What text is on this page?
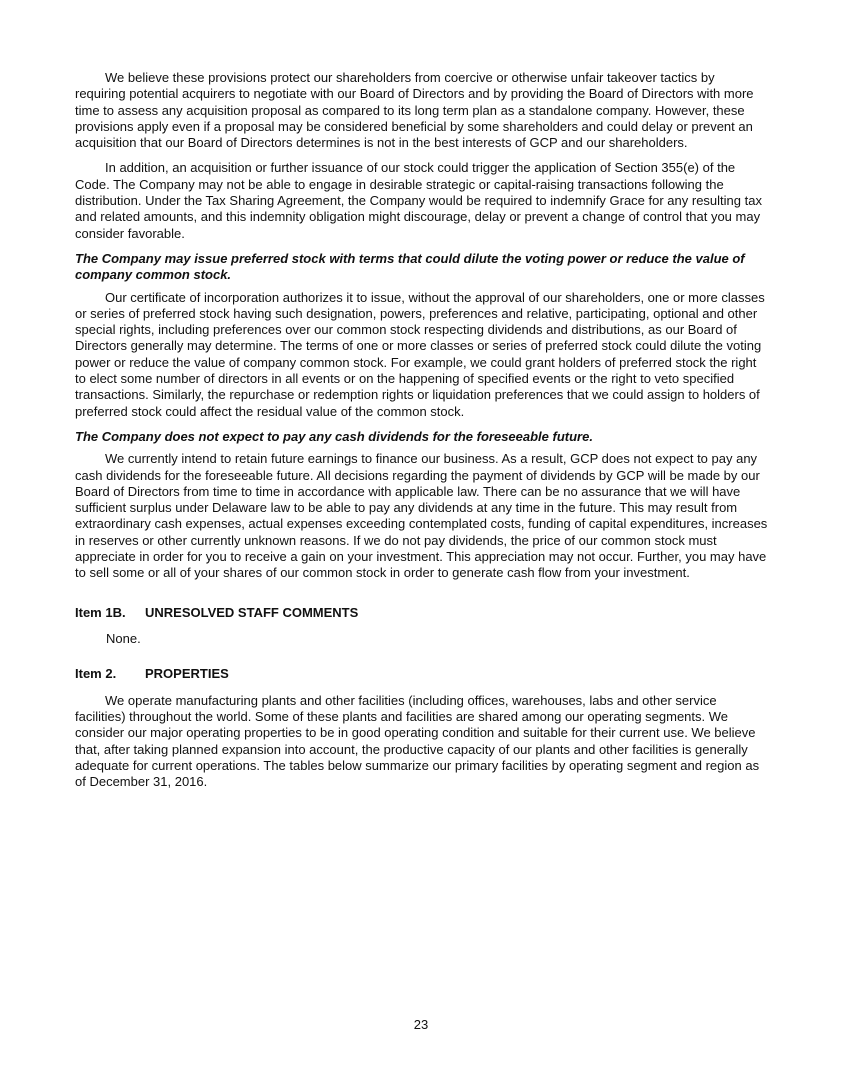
We believe these provisions protect our shareholders from coercive or otherwise unfair takeover tactics by requiring potential acquirers to negotiate with our Board of Directors and by providing the Board of Directors with more time to assess any acquisition proposal as compared to its long term plan as a standalone company. However, these provisions apply even if a proposal may be considered beneficial by some shareholders and could delay or prevent an acquisition that our Board of Directors determines is not in the best interests of GCP and our shareholders.

In addition, an acquisition or further issuance of our stock could trigger the application of Section 355(e) of the Code. The Company may not be able to engage in desirable strategic or capital-raising transactions following the distribution. Under the Tax Sharing Agreement, the Company would be required to indemnify Grace for any resulting tax and related amounts, and this indemnity obligation might discourage, delay or prevent a change of control that you may consider favorable.

The Company may issue preferred stock with terms that could dilute the voting power or reduce the value of company common stock.

Our certificate of incorporation authorizes it to issue, without the approval of our shareholders, one or more classes or series of preferred stock having such designation, powers, preferences and relative, participating, optional and other special rights, including preferences over our common stock respecting dividends and distributions, as our Board of Directors generally may determine. The terms of one or more classes or series of preferred stock could dilute the voting power or reduce the value of company common stock. For example, we could grant holders of preferred stock the right to elect some number of directors in all events or on the happening of specified events or the right to veto specified transactions. Similarly, the repurchase or redemption rights or liquidation preferences that we could assign to holders of preferred stock could affect the residual value of the common stock.

The Company does not expect to pay any cash dividends for the foreseeable future.

We currently intend to retain future earnings to finance our business. As a result, GCP does not expect to pay any cash dividends for the foreseeable future. All decisions regarding the payment of dividends by GCP will be made by our Board of Directors from time to time in accordance with applicable law. There can be no assurance that we will have sufficient surplus under Delaware law to be able to pay any dividends at any time in the future. This may result from extraordinary cash expenses, actual expenses exceeding contemplated costs, funding of capital expenditures, increases in reserves or other currently unknown reasons. If we do not pay dividends, the price of our common stock must appreciate in order for you to receive a gain on your investment. This appreciation may not occur. Further, you may have to sell some or all of your shares of our common stock in order to generate cash flow from your investment.

Item 1B. UNRESOLVED STAFF COMMENTS

None.

Item 2. PROPERTIES

We operate manufacturing plants and other facilities (including offices, warehouses, labs and other service facilities) throughout the world. Some of these plants and facilities are shared among our operating segments. We consider our major operating properties to be in good operating condition and suitable for their current use. We believe that, after taking planned expansion into account, the productive capacity of our plants and other facilities is generally adequate for current operations. The tables below summarize our primary facilities by operating segment and region as of December 31, 2016.

23
